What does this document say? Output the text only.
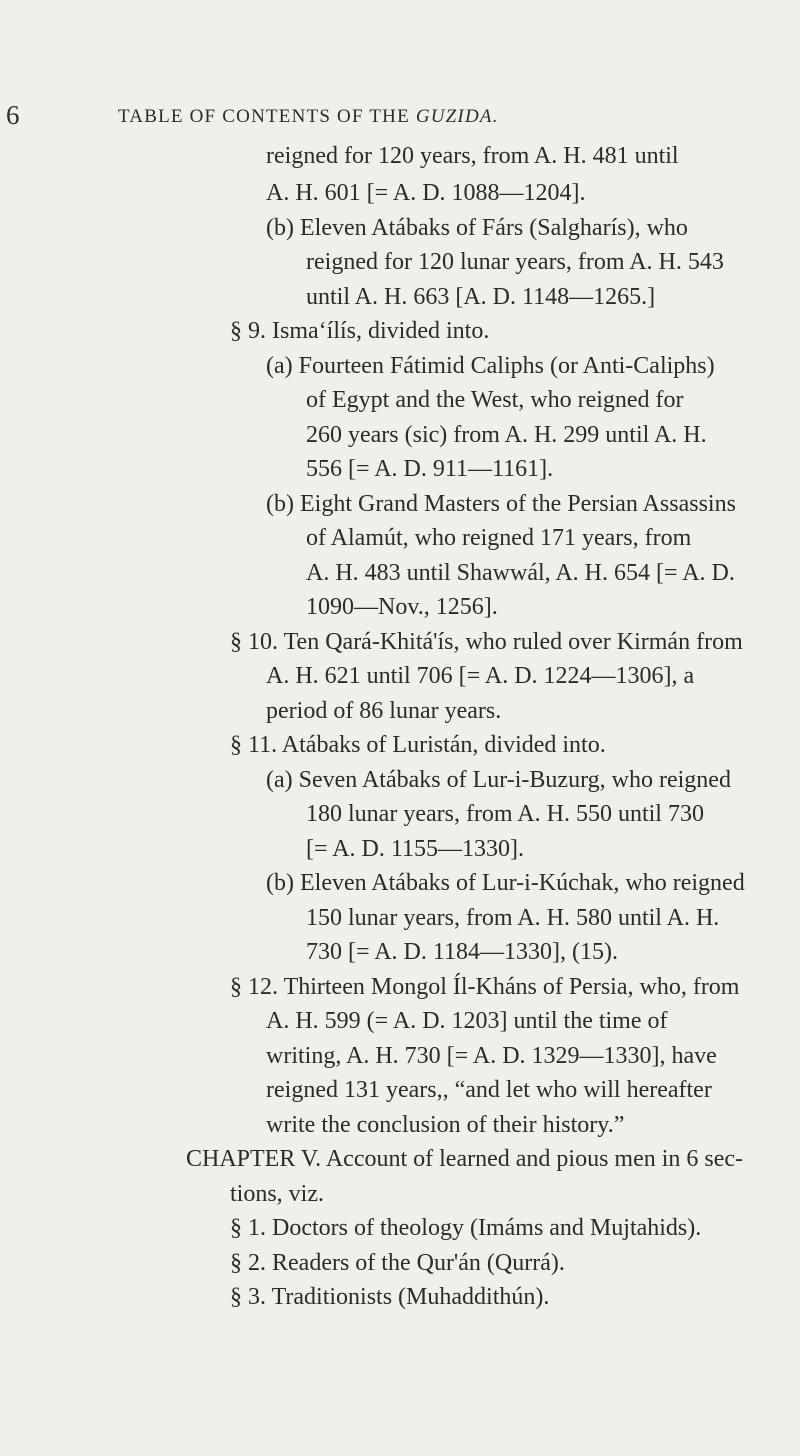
6	TABLE OF CONTENTS OF THE GUZIDA.
reigned for 120 years, from A. H. 481 until
A. H. 601 [= A. D. 1088—1204].
(b) Eleven Atábaks of Fárs (Salgharís), who
reigned for 120 lunar years, from A. H. 543
until A. H. 663 [A. D. 1148—1265.]
§ 9. Isma‘ílís, divided into.
(a) Fourteen Fátimid Caliphs (or Anti-Caliphs)
of Egypt and the West, who reigned for
260 years (sic) from A. H. 299 until A. H.
556 [= A. D. 911—1161].
(b) Eight Grand Masters of the Persian Assassins
of Alamút, who reigned 171 years, from
A. H. 483 until Shawwál, A. H. 654 [= A. D.
1090—Nov., 1256].
§ 10. Ten Qará-Khitá'ís, who ruled over Kirmán from
A. H. 621 until 706 [= A. D. 1224—1306], a
period of 86 lunar years.
§ 11. Atábaks of Luristán, divided into.
(a) Seven Atábaks of Lur-i-Buzurg, who reigned
180 lunar years, from A. H. 550 until 730
[= A. D. 1155—1330].
(b) Eleven Atábaks of Lur-i-Kúchak, who reigned
150 lunar years, from A. H. 580 until A. H.
730 [= A. D. 1184—1330], (15).
§ 12. Thirteen Mongol Íl-Kháns of Persia, who, from
A. H. 599 (= A. D. 1203] until the time of
writing, A. H. 730 [= A. D. 1329—1330], have
reigned 131 years,, “and let who will hereafter
write the conclusion of their history.”
CHAPTER V. Account of learned and pious men in 6 sec-
tions, viz.
§ 1. Doctors of theology (Imáms and Mujtahids).
§ 2. Readers of the Qur'án (Qurrá).
§ 3. Traditionists (Muhaddithún).
